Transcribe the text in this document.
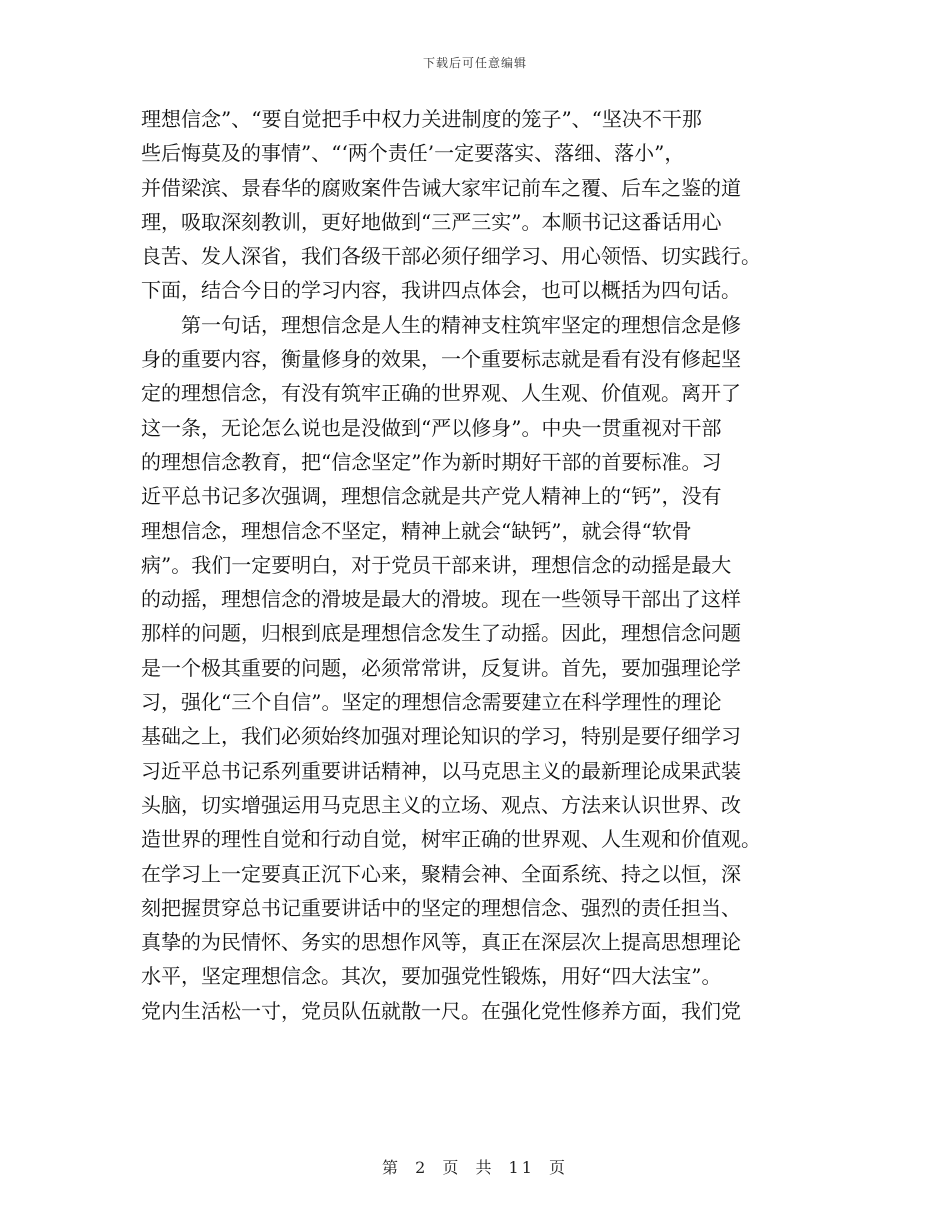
下载后可任意编辑
理想信念”、“要自觉把手中权力关进制度的笼子”、“坚决不干那
些后悔莫及的事情”、“‘两个责任’一定要落实、落细、落小”，
并借梁滨、景春华的腐败案件告诫大家牢记前车之覆、后车之鉴的道
理，吸取深刻教训，更好地做到“三严三实”。本顺书记这番话用心
良苦、发人深省，我们各级干部必须仔细学习、用心领悟、切实践行。
下面，结合今日的学习内容，我讲四点体会，也可以概括为四句话。
　　第一句话，理想信念是人生的精神支柱筑牢坚定的理想信念是修
身的重要内容，衡量修身的效果，一个重要标志就是看有没有修起坚
定的理想信念，有没有筑牢正确的世界观、人生观、价值观。离开了
这一条，无论怎么说也是没做到“严以修身”。中央一贯重视对干部
的理想信念教育，把“信念坚定”作为新时期好干部的首要标准。习
近平总书记多次强调，理想信念就是共产党人精神上的“钙”，没有
理想信念，理想信念不坚定，精神上就会“缺钙”，就会得“软骨
病”。我们一定要明白，对于党员干部来讲，理想信念的动摇是最大
的动摇，理想信念的滑坡是最大的滑坡。现在一些领导干部出了这样
那样的问题，归根到底是理想信念发生了动摇。因此，理想信念问题
是一个极其重要的问题，必须常常讲，反复讲。首先，要加强理论学
习，强化“三个自信”。坚定的理想信念需要建立在科学理性的理论
基础之上，我们必须始终加强对理论知识的学习，特别是要仔细学习
习近平总书记系列重要讲话精神，以马克思主义的最新理论成果武装
头脑，切实增强运用马克思主义的立场、观点、方法来认识世界、改
造世界的理性自觉和行动自觉，树牢正确的世界观、人生观和价值观。
在学习上一定要真正沉下心来，聚精会神、全面系统、持之以恒，深
刻把握贯穿总书记重要讲话中的坚定的理想信念、强烈的责任担当、
真挚的为民情怀、务实的思想作风等，真正在深层次上提高思想理论
水平，坚定理想信念。其次，要加强党性锻炼，用好“四大法宝”。
党内生活松一寸，党员队伍就散一尺。在强化党性修养方面，我们党
第 2 页 共 11 页
